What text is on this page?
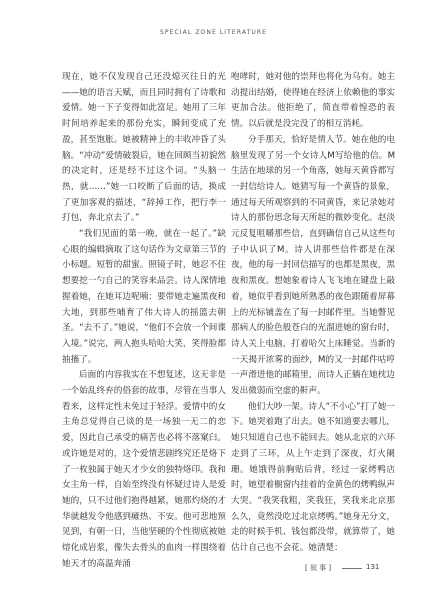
SPECIAL ZONE LITERATURE

现在，她不仅发现自己还没熄灭往日的光——她的语言天赋，而且同时拥有了诗歌和爱情。她一下子变得如此富足。她用了三年时间培养起来的那份充实，瞬间变成了充盈，甚至饱胀。她被精神上的丰收冲昏了头脑。“冲动”爱情破裂后，她在回顾当初貌然的决定时，还是经不过这个词。“头脑一热，就……”她一口咬断了后面的话，换成了更加客观的描述，“辞掉工作，把行李一打包，奔北京去了。”

“我们见面的第一晚，就在一起了。”缺心眼的编辑摘取了这句话作为文章第三节的小标题。短暂的甜蜜。照镜子时，她忍不住想要挖一勺自己的笑容来品尝。诗人深情地握着她，在她耳边呢喃：要带她走遍黑夜和大地，到那些哺育了伟大诗人的摇篮去朝圣。“去不了。”她说，“他们不会放一个间谍入境。”说完，两人抱头哈哈大笑，笑得脸都抽搐了。

后面的内容我实在不想复述，这无非是一个始乱终弃的俗套的故事，尽管在当事人看来，这样定性未免过于轻浮。爱情中的女主角总觉得自己谈的是一场独一无二的恋爱，因此自己承受的痛苦也必将不落窠臼。或许她是对的，这个爱情悲剧终究还是烙下了一枚独属于她天才少女的独特烙印。我和女主角一样，自始至终没有怀疑过诗人是爱她的，只不过他们抱得越紧，她那灼烧的才华就越发令他感到瘫热、不安。他可悲地预见到，有朝一日，当他坚硬的个性彻底被她熔化成岩浆，像失去骨头的血肉一样围绕着她天才的高温奔涌

咆哮时，她对他的崇拜也将化为乌有。她主动提出结婚，使得她在经济上依赖他的事实更加合法。他拒绝了，简直带着惶恐的表情。以后就是没完没了的相互消耗。

分手那天，恰好是情人节。她在他的电脑里发现了另一个女诗人M写给他的信。M生活在地球的另一个角落，她每天黄昏都写一封信给诗人。她猜写每一个黄昏的景象，通过每天所观察到的不同黄昏，来记录她对诗人的那份思念每天所起的微妙变化。赵淡元反复咀嚼那些信，直到确信自己从这些句子中认识了M。诗人讲那些信件都是在深夜，他的每一封回信描写的也都是黑夜，黑夜和黑夜。想她象着诗人飞飞地在键盘上敲着，她似乎看到她所熟悉的夜色跟随着屏幕上的光标铺盖在了每一封邮件里。当她瞥见那病人的脸色般苍白的光溜进她的窗台时，诗人关上电脑，打着哈欠上床睡觉。当新的一天揭开浓雾的面纱，M的又一封邮件咕哼一声滑进他的邮箱里，而诗人正躺在她枕边发出微弱而空虚的鼾声。

他们大吵一架。诗人“不小心”打了她一下。她哭着跑了出去。她不知道要去哪儿，她只知道自己也不能回去。她从北京的六环走到了三环，从上午走到了深夜，灯火阑珊。她饿得前胸贴后背，经过一家烤鸭店时，她望着橱窗内挂着的金黄色的烤鸭纵声大哭。“我笑我粗，笑我狂，笑我来北京那么久，竟然没吃过北京烤鸭。”她身无分文，走的时候手机、钱包都没带，就算带了，她估计自己也不会花。她清楚：

[ 叙 事 ]	131
